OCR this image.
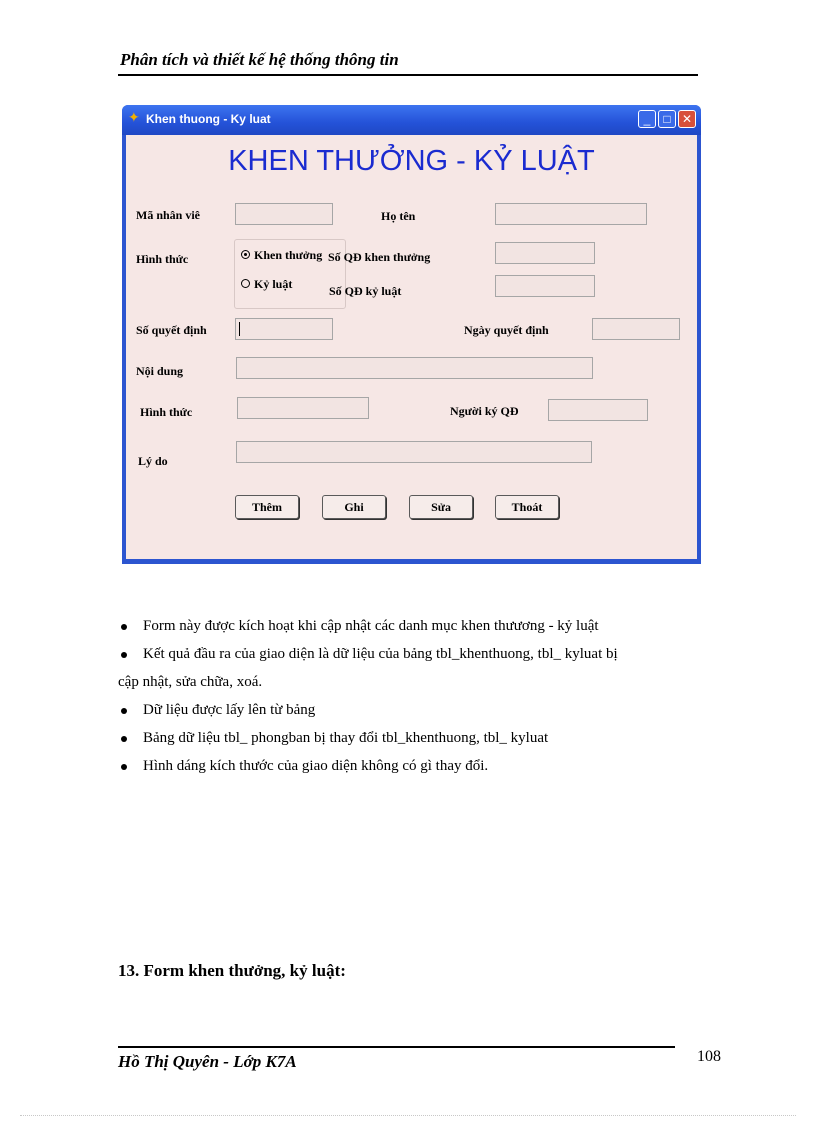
Phân tích và thiết kế hệ thống thông tin
✦ Khen thuong - Ky luat	_	□ ✕
KHEN THƯỞNG - KỶ LUẬT
Mã nhân viê	Họ tên
Hình thức	Khen thưởng
Kỷ luật
Số QĐ khen thưởng
Số QĐ kỷ luật
Số quyết định	Ngày quyết định
Nội dung
Hình thức	Người ký QĐ
Lý do
Thêm	Ghi	Sửa	Thoát
Form này được kích hoạt khi cập nhật các danh mục khen thưương - kỷ luật
Kết quả đầu ra của giao diện là dữ liệu của bảng tbl_khenthuong, tbl_ kyluat bị
cập nhật, sửa chữa, xoá.
Dữ liệu được lấy lên từ bảng
Bảng dữ liệu tbl_ phongban bị thay đổi tbl_khenthuong, tbl_ kyluat
Hình dáng kích thước của giao diện không có gì thay đổi.
13. Form khen thưởng, kỷ luật:
Hồ Thị Quyên - Lớp K7A	108
